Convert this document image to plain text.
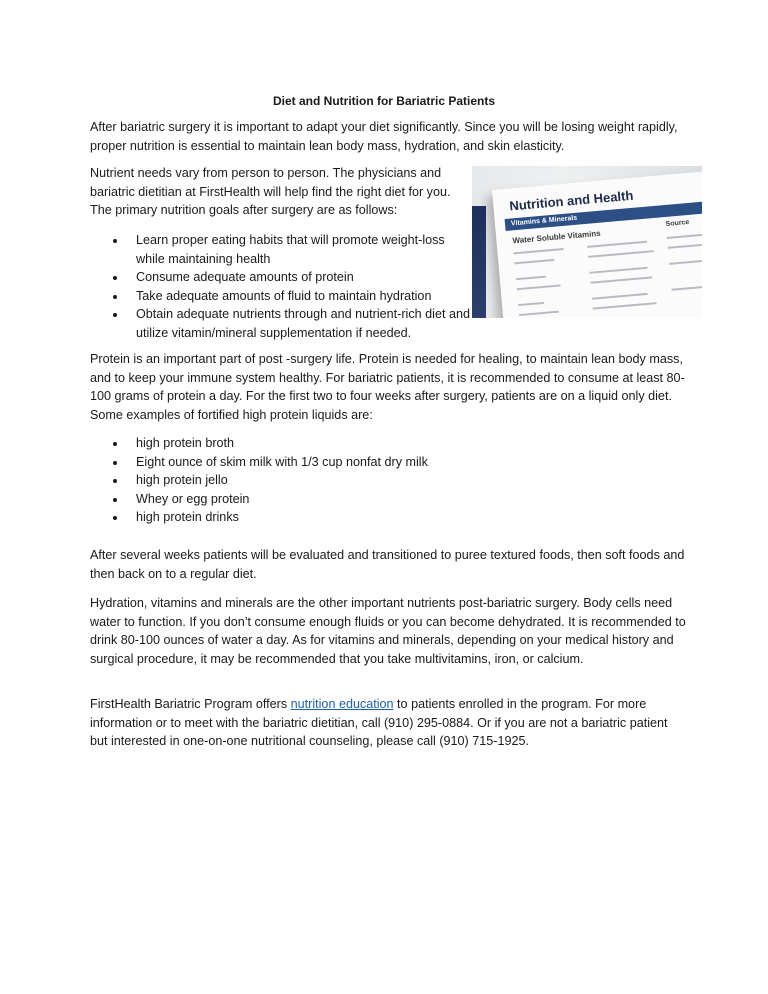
Diet and Nutrition for Bariatric Patients

After bariatric surgery it is important to adapt your diet significantly. Since you will be losing weight rapidly, proper nutrition is essential to maintain lean body mass, hydration, and skin elasticity.

Nutrient needs vary from person to person. The physicians and bariatric dietitian at FirstHealth will help find the right diet for you. The primary nutrition goals after surgery are as follows:	Nutrition and Health
Vitamins & Minerals
Water Soluble Vitamins
Source
Learn proper eating habits that will promote weight-loss while maintaining health
Consume adequate amounts of protein
Take adequate amounts of fluid to maintain hydration
Obtain adequate nutrients through and nutrient-rich diet and utilize vitamin/mineral supplementation if needed.

Protein is an important part of post -surgery life. Protein is needed for healing, to maintain lean body mass, and to keep your immune system healthy. For bariatric patients, it is recommended to consume at least 80-100 grams of protein a day. For the first two to four weeks after surgery, patients are on a liquid only diet. Some examples of fortified high protein liquids are:

high protein broth
Eight ounce of skim milk with 1/3 cup nonfat dry milk
high protein jello
Whey or egg protein
high protein drinks

After several weeks patients will be evaluated and transitioned to puree textured foods, then soft foods and then back on to a regular diet.

Hydration, vitamins and minerals are the other important nutrients post-bariatric surgery. Body cells need water to function. If you don’t consume enough fluids or you can become dehydrated. It is recommended to drink 80-100 ounces of water a day. As for vitamins and minerals, depending on your medical history and surgical procedure, it may be recommended that you take multivitamins, iron, or calcium.

FirstHealth Bariatric Program offers nutrition education to patients enrolled in the program. For more information or to meet with the bariatric dietitian, call (910) 295-0884. Or if you are not a bariatric patient but interested in one-on-one nutritional counseling, please call (910) 715-1925.
